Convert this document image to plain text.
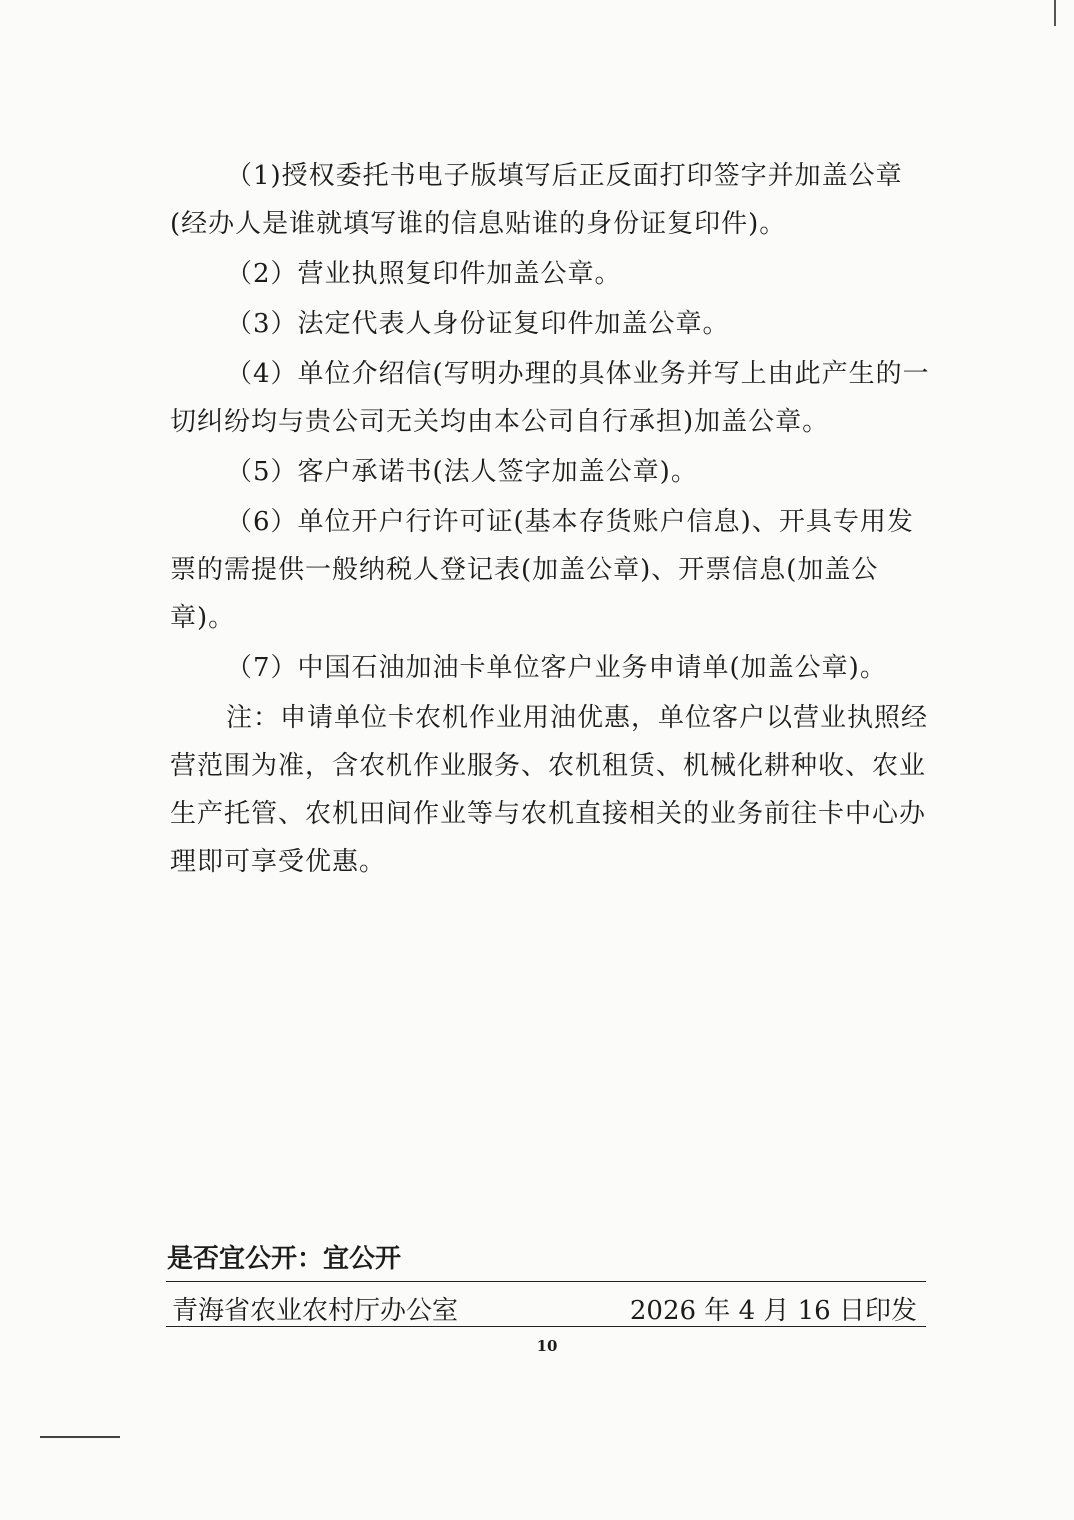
（1)授权委托书电子版填写后正反面打印签字并加盖公章(经办人是谁就填写谁的信息贴谁的身份证复印件)。

（2）营业执照复印件加盖公章。

（3）法定代表人身份证复印件加盖公章。

（4）单位介绍信(写明办理的具体业务并写上由此产生的一切纠纷均与贵公司无关均由本公司自行承担)加盖公章。

（5）客户承诺书(法人签字加盖公章)。

（6）单位开户行许可证(基本存货账户信息)、开具专用发票的需提供一般纳税人登记表(加盖公章)、开票信息(加盖公章)。

（7）中国石油加油卡单位客户业务申请单(加盖公章)。

注：申请单位卡农机作业用油优惠，单位客户以营业执照经营范围为准，含农机作业服务、农机租赁、机械化耕种收、农业生产托管、农机田间作业等与农机直接相关的业务前往卡中心办理即可享受优惠。

是否宜公开：宜公开
青海省农业农村厅办公室	2026 年 4 月 16 日印发
10
